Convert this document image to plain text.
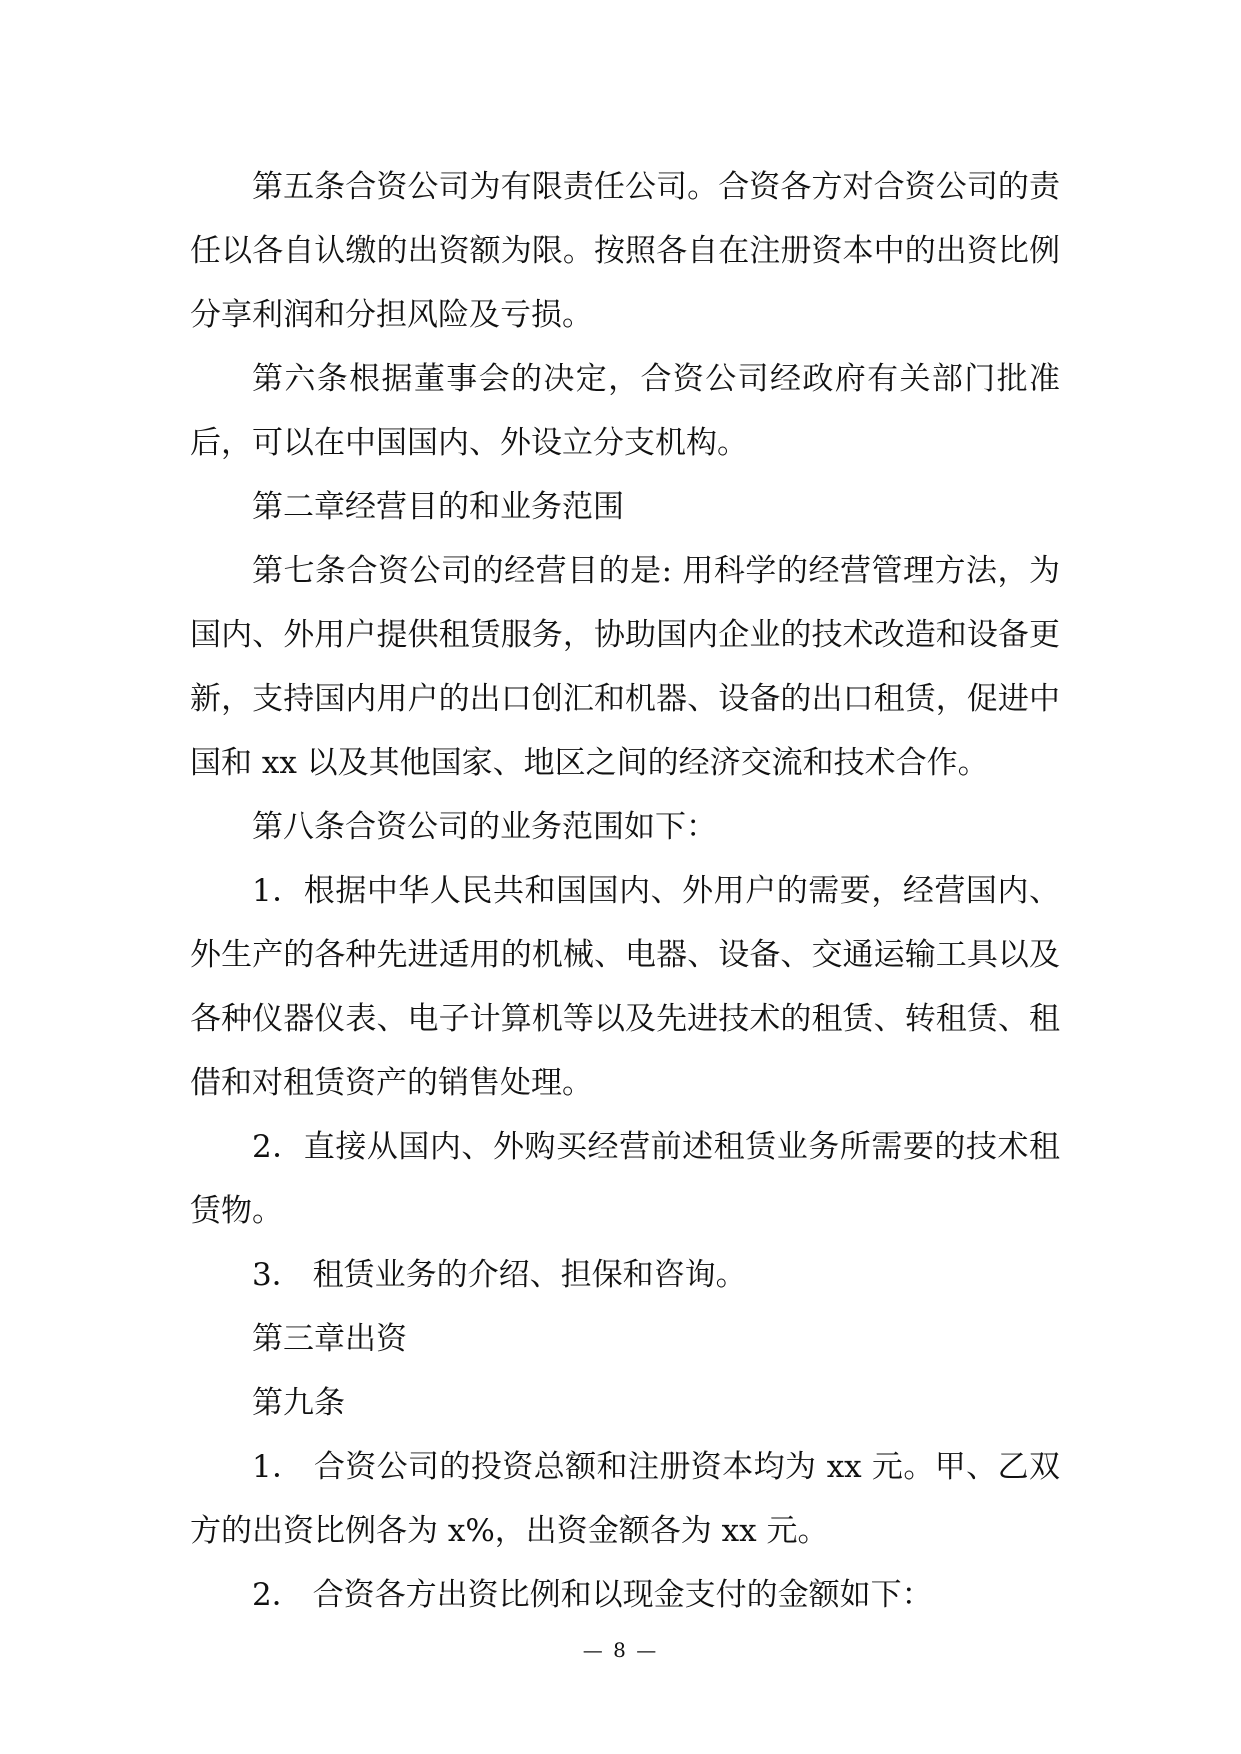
第五条合资公司为有限责任公司。合资各方对合资公司的责任以各自认缴的出资额为限。按照各自在注册资本中的出资比例分享利润和分担风险及亏损。

第六条根据董事会的决定，合资公司经政府有关部门批准后，可以在中国国内、外设立分支机构。

第二章经营目的和业务范围

第七条合资公司的经营目的是: 用科学的经营管理方法，为国内、外用户提供租赁服务，协助国内企业的技术改造和设备更新，支持国内用户的出口创汇和机器、设备的出口租赁，促进中国和 xx 以及其他国家、地区之间的经济交流和技术合作。

第八条合资公司的业务范围如下：

1．根据中华人民共和国国内、外用户的需要，经营国内、外生产的各种先进适用的机械、电器、设备、交通运输工具以及各种仪器仪表、电子计算机等以及先进技术的租赁、转租赁、租借和对租赁资产的销售处理。

2．直接从国内、外购买经营前述租赁业务所需要的技术租赁物。

3． 租赁业务的介绍、担保和咨询。

第三章出资

第九条

1． 合资公司的投资总额和注册资本均为 xx 元。甲、乙双方的出资比例各为 x%，出资金额各为 xx 元。

2． 合资各方出资比例和以现金支付的金额如下：

— 8 —
